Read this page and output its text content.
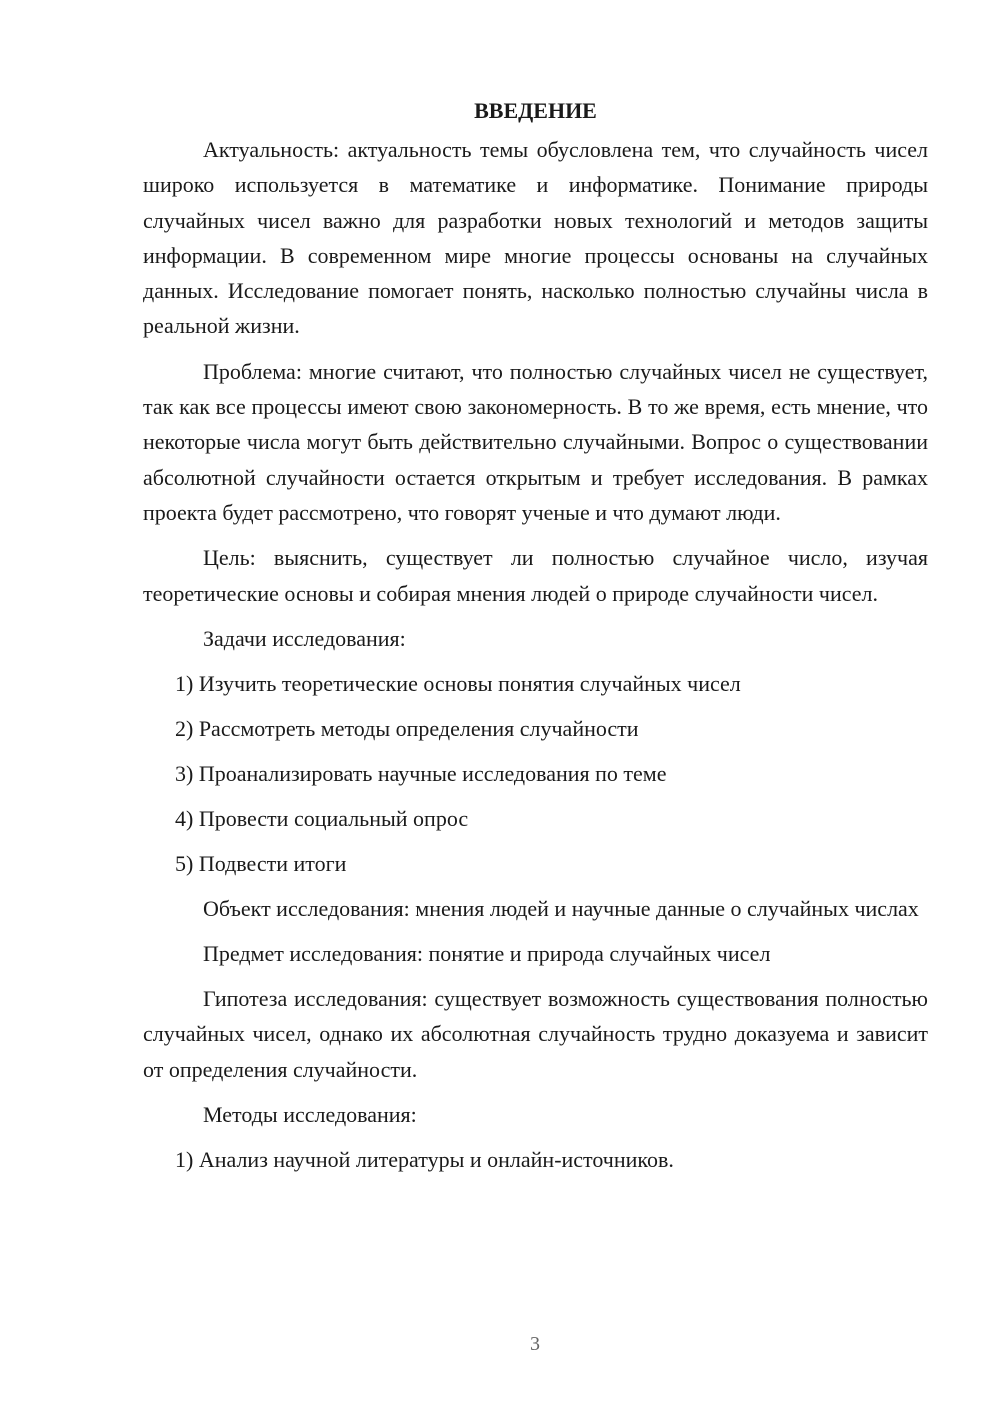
ВВЕДЕНИЕ

Актуальность: актуальность темы обусловлена тем, что случайность чисел широко используется в математике и информатике. Понимание природы случайных чисел важно для разработки новых технологий и методов защиты информации. В современном мире многие процессы основаны на случайных данных. Исследование помогает понять, насколько полностью случайны числа в реальной жизни.

Проблема: многие считают, что полностью случайных чисел не существует, так как все процессы имеют свою закономерность. В то же время, есть мнение, что некоторые числа могут быть действительно случайными. Вопрос о существовании абсолютной случайности остается открытым и требует исследования. В рамках проекта будет рассмотрено, что говорят ученые и что думают люди.

Цель: выяснить, существует ли полностью случайное число, изучая теоретические основы и собирая мнения людей о природе случайности чисел.

Задачи исследования:

1) Изучить теоретические основы понятия случайных чисел

2) Рассмотреть методы определения случайности

3) Проанализировать научные исследования по теме

4) Провести социальный опрос

5) Подвести итоги

Объект исследования: мнения людей и научные данные о случайных числах

Предмет исследования: понятие и природа случайных чисел

Гипотеза исследования: существует возможность существования полностью случайных чисел, однако их абсолютная случайность трудно доказуема и зависит от определения случайности.

Методы исследования:

1) Анализ научной литературы и онлайн-источников.

3
